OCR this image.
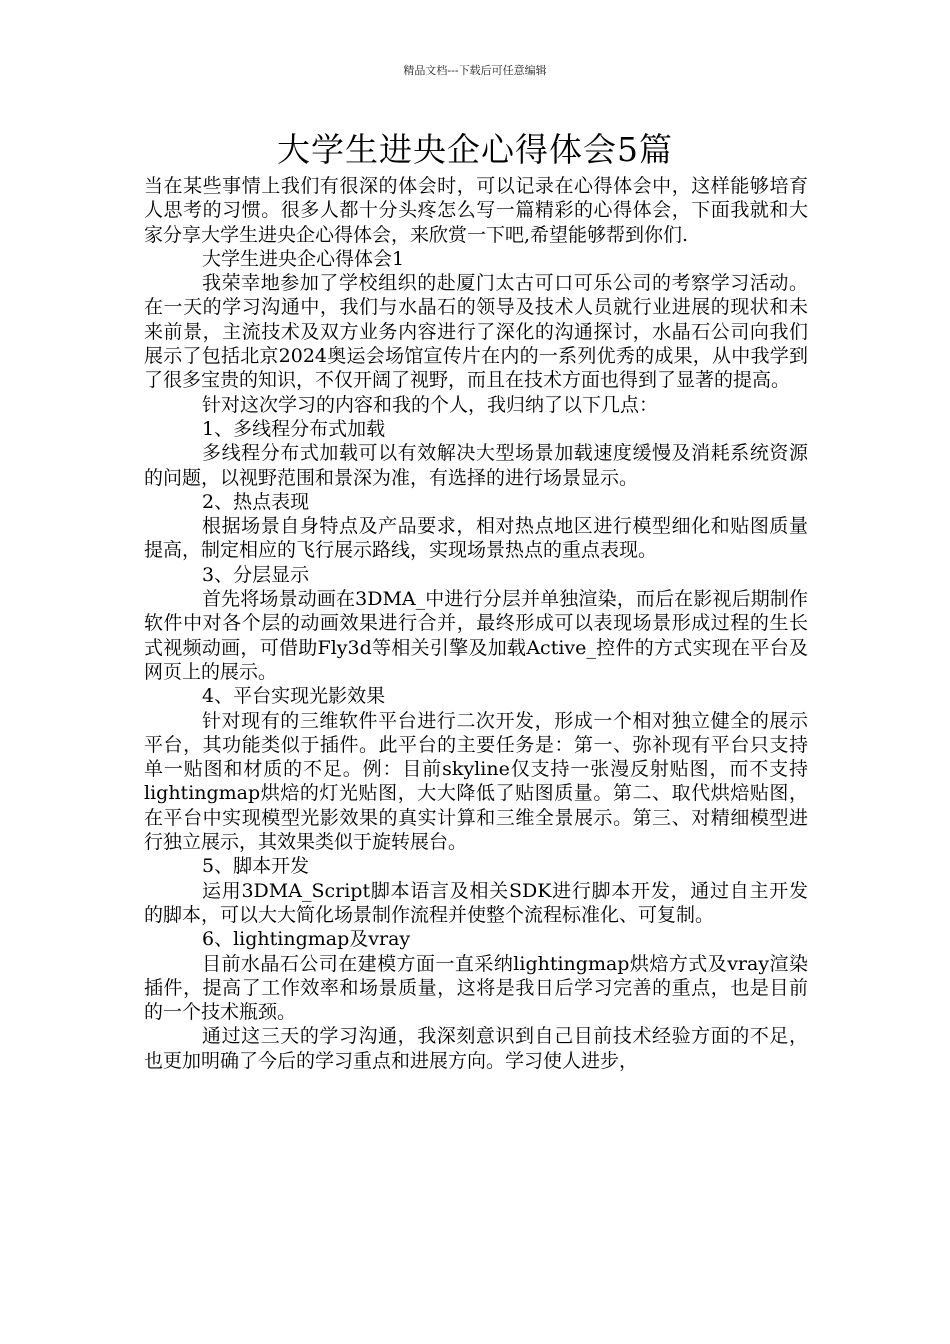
精品文档---下载后可任意编辑
大学生进央企心得体会5篇

当在某些事情上我们有很深的体会时，可以记录在心得体会中，这样能够培育人思考的习惯。很多人都十分头疼怎么写一篇精彩的心得体会，下面我就和大家分享大学生进央企心得体会，来欣赏一下吧,希望能够帮到你们.

大学生进央企心得体会1

我荣幸地参加了学校组织的赴厦门太古可口可乐公司的考察学习活动。在一天的学习沟通中，我们与水晶石的领导及技术人员就行业进展的现状和未来前景，主流技术及双方业务内容进行了深化的沟通探讨，水晶石公司向我们展示了包括北京2024奥运会场馆宣传片在内的一系列优秀的成果，从中我学到了很多宝贵的知识，不仅开阔了视野，而且在技术方面也得到了显著的提高。

针对这次学习的内容和我的个人，我归纳了以下几点：

1、多线程分布式加载

多线程分布式加载可以有效解决大型场景加载速度缓慢及消耗系统资源的问题，以视野范围和景深为准，有选择的进行场景显示。

2、热点表现

根据场景自身特点及产品要求，相对热点地区进行模型细化和贴图质量提高，制定相应的飞行展示路线，实现场景热点的重点表现。

3、分层显示

首先将场景动画在3DMA_中进行分层并单独渲染，而后在影视后期制作软件中对各个层的动画效果进行合并，最终形成可以表现场景形成过程的生长式视频动画，可借助Fly3d等相关引擎及加载Active_控件的方式实现在平台及网页上的展示。

4、平台实现光影效果

针对现有的三维软件平台进行二次开发，形成一个相对独立健全的展示平台，其功能类似于插件。此平台的主要任务是：第一、弥补现有平台只支持单一贴图和材质的不足。例：目前skyline仅支持一张漫反射贴图，而不支持lightingmap烘焙的灯光贴图，大大降低了贴图质量。第二、取代烘焙贴图，在平台中实现模型光影效果的真实计算和三维全景展示。第三、对精细模型进行独立展示，其效果类似于旋转展台。

5、脚本开发

运用3DMA_Script脚本语言及相关SDK进行脚本开发，通过自主开发的脚本，可以大大简化场景制作流程并使整个流程标准化、可复制。

6、lightingmap及vray

目前水晶石公司在建模方面一直采纳lightingmap烘焙方式及vray渲染插件，提高了工作效率和场景质量，这将是我日后学习完善的重点，也是目前的一个技术瓶颈。

通过这三天的学习沟通，我深刻意识到自己目前技术经验方面的不足，也更加明确了今后的学习重点和进展方向。学习使人进步，
